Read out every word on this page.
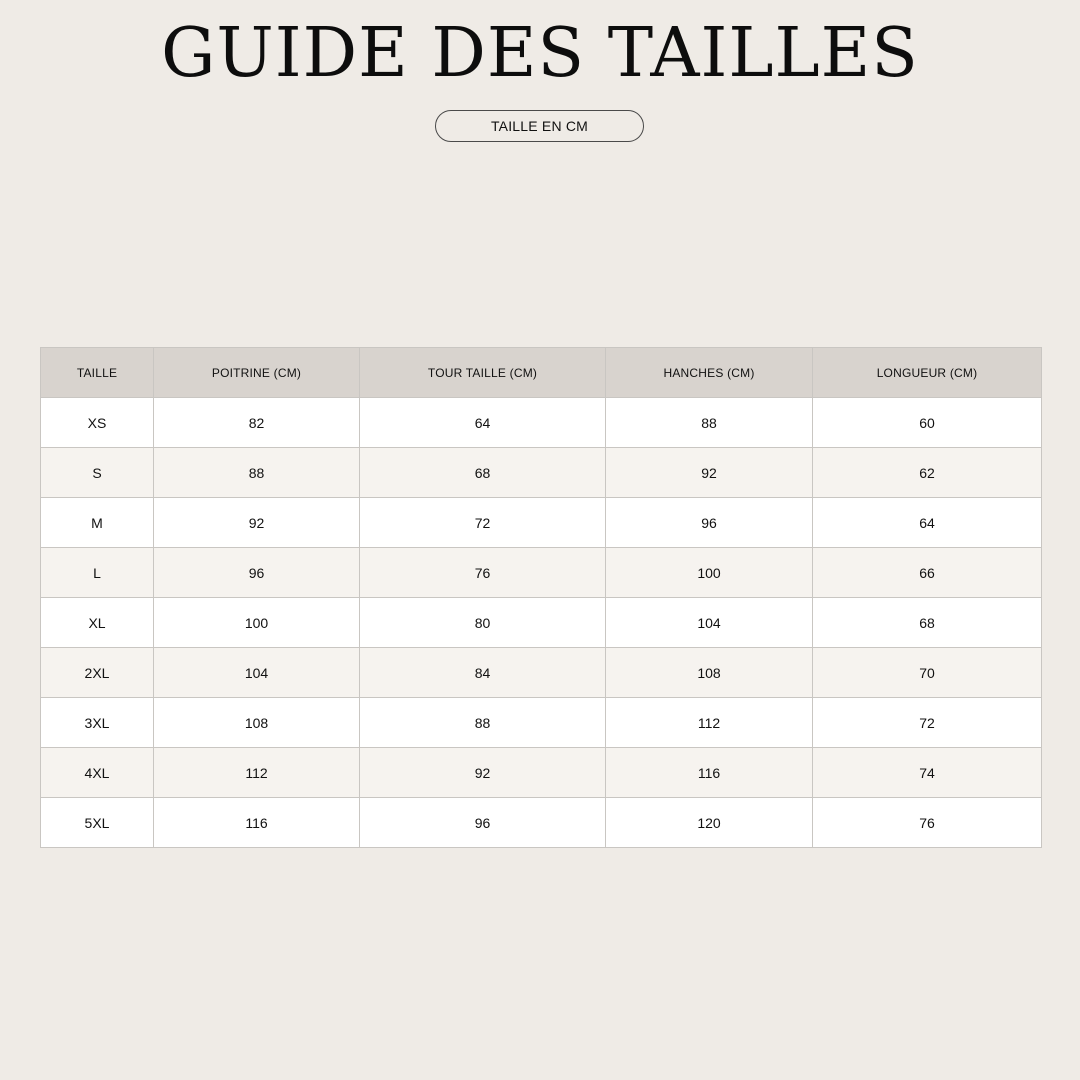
GUIDE DES TAILLES
TAILLE EN CM
TAILLE	POITRINE (CM)	TOUR TAILLE (CM)	HANCHES (CM)	LONGUEUR (CM)
XS	82	64	88	60
S	88	68	92	62
M	92	72	96	64
L	96	76	100	66
XL	100	80	104	68
2XL	104	84	108	70
3XL	108	88	112	72
4XL	112	92	116	74
5XL	116	96	120	76
